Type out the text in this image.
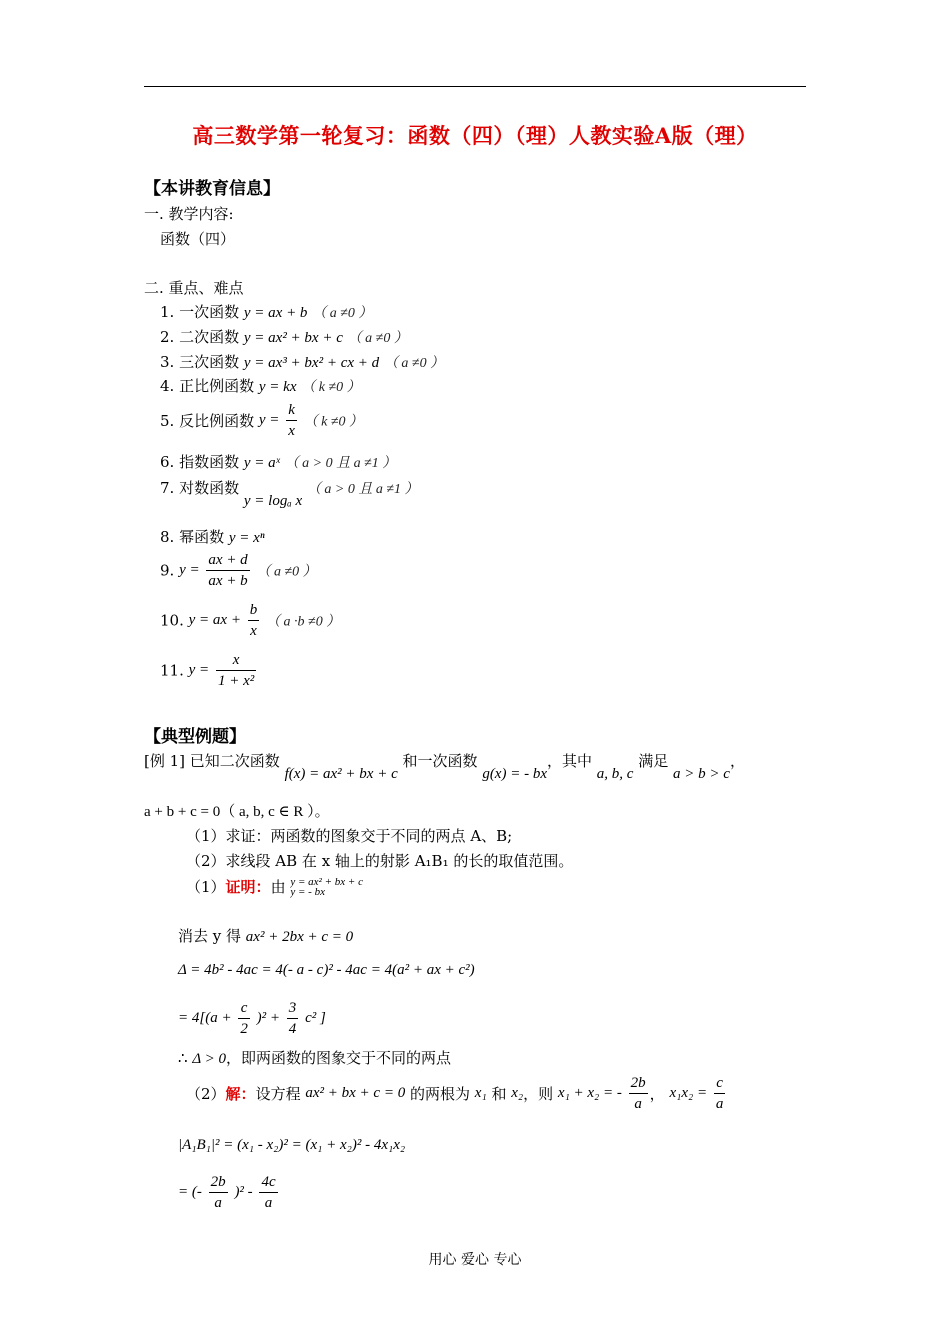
高三数学第一轮复习：函数（四）（理）人教实验A版（理）
【本讲教育信息】
一. 教学内容:
函数（四）
二. 重点、难点
1. 一次函数 y = ax + b （ a ≠0 ）
2. 二次函数 y = ax² + bx + c （ a ≠0 ）
3. 三次函数 y = ax³ + bx² + cx + d （ a ≠0 ）
4. 正比例函数 y = kx （ k ≠0 ）
5. 反比例函数 $y = \frac{k}{x}$ （ k ≠0 ）
6. 指数函数 y = aˣ （ a > 0 且 a ≠1 ）
7. 对数函数 y = logₐ x （ a > 0 且 a ≠1 ）
8. 幂函数 y = xⁿ
9. $y = \frac{ax + d}{ax + b}$ （ a ≠0 ）
10. y = ax + $\frac{b}{x}$ （ a ·b ≠0 ）
11. $y = \frac{x}{\text{1 + x²}}$
【典型例题】
[例 1] 已知二次函数 f(x) = ax² + bx + c 和一次函数 g(x) = - bx，其中 a, b, c 满足 a > b > c，
a + b + c = 0（ a, b, c ∈ R ）。
（1）求证：两函数的图象交于不同的两点 A、B;
（2）求线段 AB 在 x 轴上的射影 A₁B₁ 的长的取值范围。
（1）证明：由 y = ax² + bx + c
y = - bx
消去 y 得 ax² + 2bx + c = 0
Δ = 4b² - 4ac = 4(- a - c)² - 4ac = 4(a² + ax + c²)
= $4[(a + \frac{c}{2} )^2 + \frac{3}{4} c^2$ ]
∴ Δ > 0，即两函数的图象交于不同的两点
（2）解：设方程 ax² + bx + c = 0 的两根为 x₁ 和 x₂，则 x₁ + x₂ = - $\frac{2b}{a}$ ， $x_1x_2 = \frac{c}{a}$
|A₁B₁|² = (x₁ - x₂)² = (x₁ + x₂)² - 4x₁x₂
= (- $\frac{2b}{a} )^2 - \frac{4c}{a}$
用心 爱心 专心
